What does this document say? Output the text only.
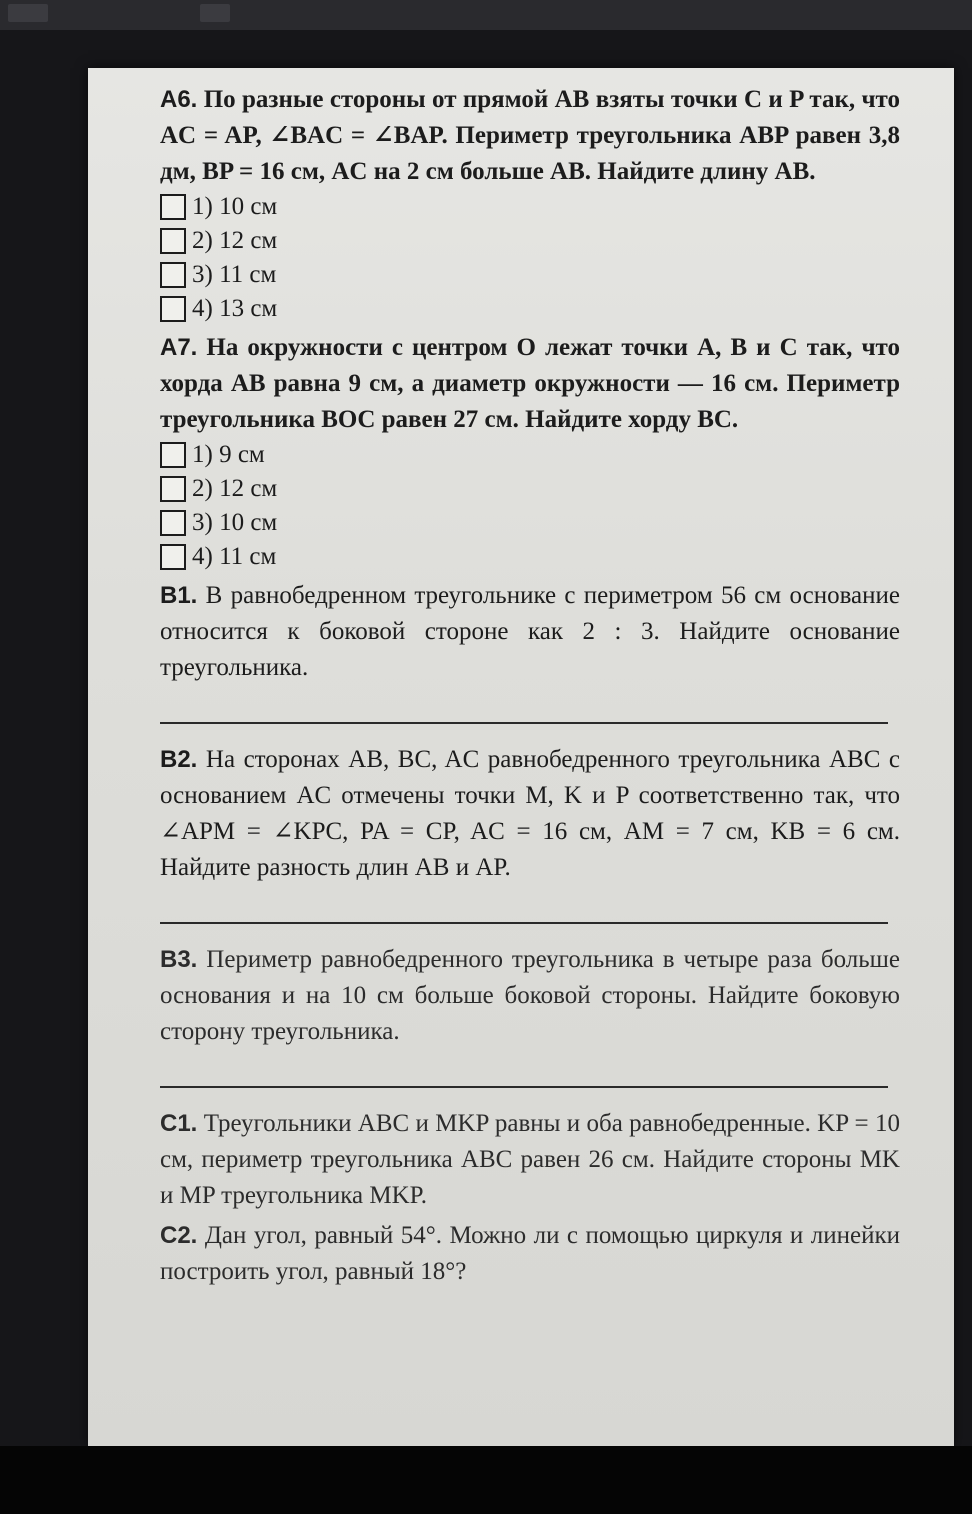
А6. По разные стороны от прямой AB взяты точки C и P так, что AC = AP, ∠BAC = ∠BAP. Периметр треугольника ABP равен 3,8 дм, BP = 16 см, AC на 2 см больше AB. Найдите длину AB.
1) 10 см
2) 12 см
3) 11 см
4) 13 см
А7. На окружности с центром O лежат точки A, B и C так, что хорда AB равна 9 см, а диаметр окружности — 16 см. Периметр треугольника BOC равен 27 см. Найдите хорду BC.
1) 9 см
2) 12 см
3) 10 см
4) 11 см
В1. В равнобедренном треугольнике с периметром 56 см основание относится к боковой стороне как 2 : 3. Найдите основание треугольника.
В2. На сторонах AB, BC, AC равнобедренного треугольника ABC с основанием AC отмечены точки M, K и P соответственно так, что ∠APM = ∠KPC, PA = CP, AC = 16 см, AM = 7 см, KB = 6 см. Найдите разность длин AB и AP.
В3. Периметр равнобедренного треугольника в четыре раза больше основания и на 10 см больше боковой стороны. Найдите боковую сторону треугольника.
С1. Треугольники ABC и MKP равны и оба равнобедренные. KP = 10 см, периметр треугольника ABC равен 26 см. Найдите стороны MK и MP треугольника MKP.
С2. Дан угол, равный 54°. Можно ли с помощью циркуля и линейки построить угол, равный 18°?
